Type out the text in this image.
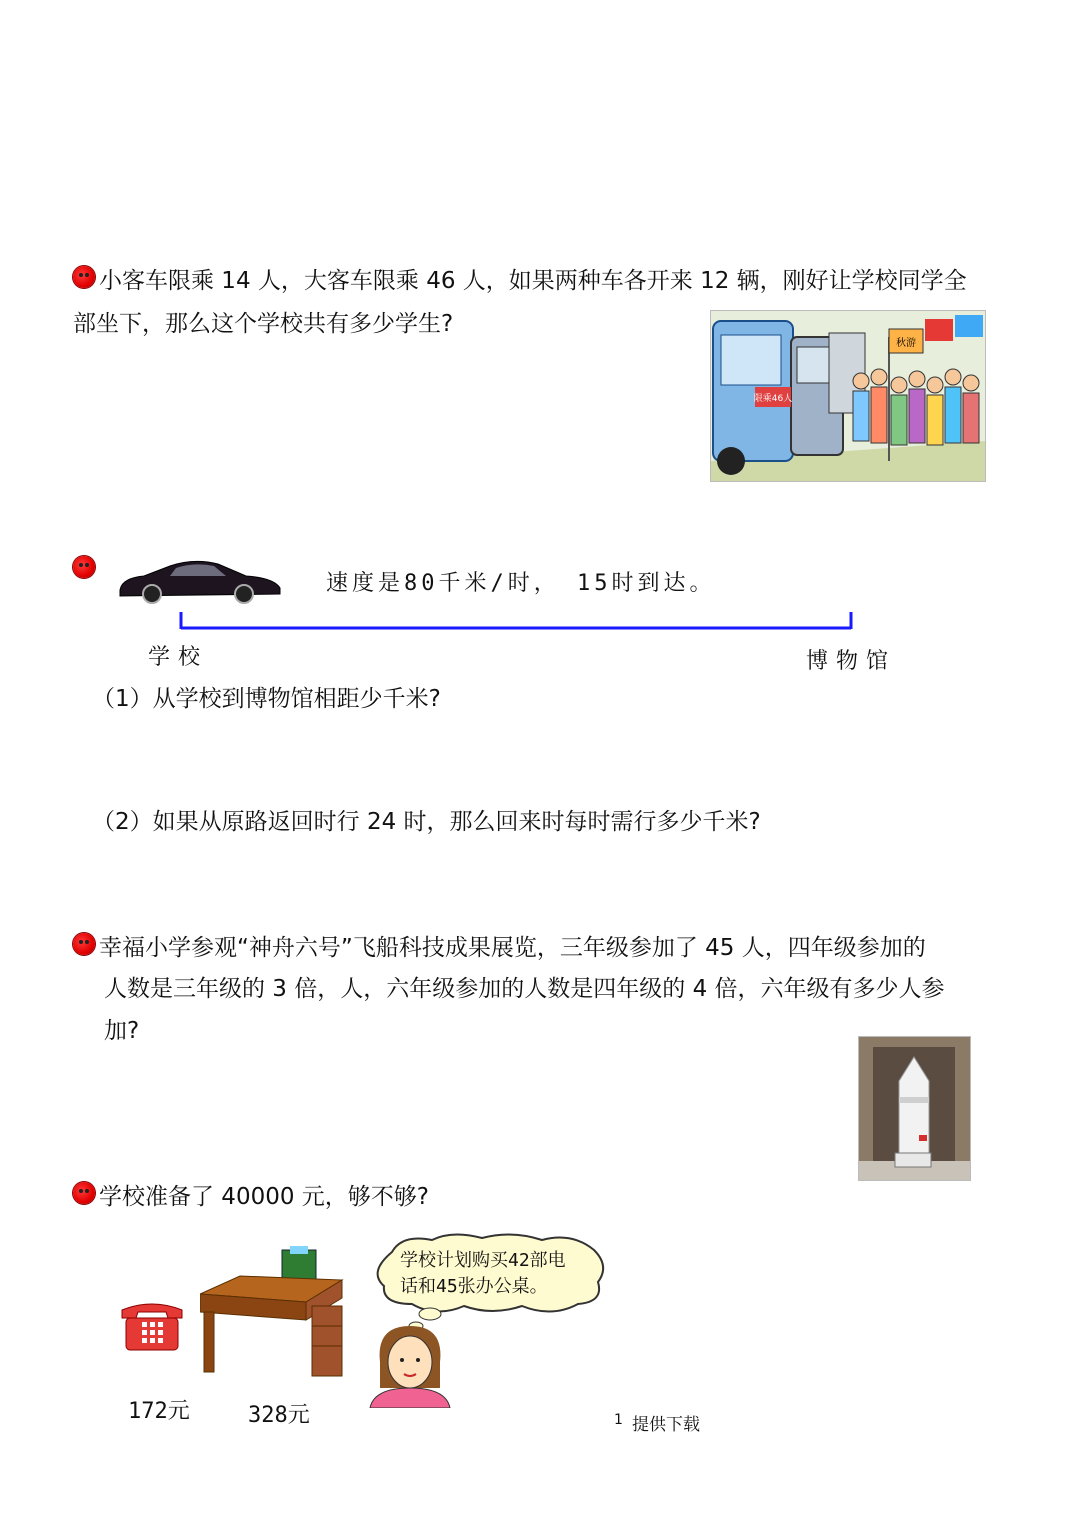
小客车限乘 14 人，大客车限乘 46 人，如果两种车各开来 12 辆，刚好让学校同学全
部坐下，那么这个学校共有多少学生?
限乘46人
秋游
速度是80千米/时， 15时到达。
学校	博物馆
（1）从学校到博物馆相距少千米?
（2）如果从原路返回时行 24 时，那么回来时每时需行多少千米?
幸福小学参观“神舟六号”飞船科技成果展览，三年级参加了 45 人，四年级参加的
人数是三年级的 3 倍，人，六年级参加的人数是四年级的 4 倍，六年级有多少人参
加?
学校准备了 40000 元，够不够?
172元	328元
学校计划购买42部电
话和45张办公桌。
1 提供下载
